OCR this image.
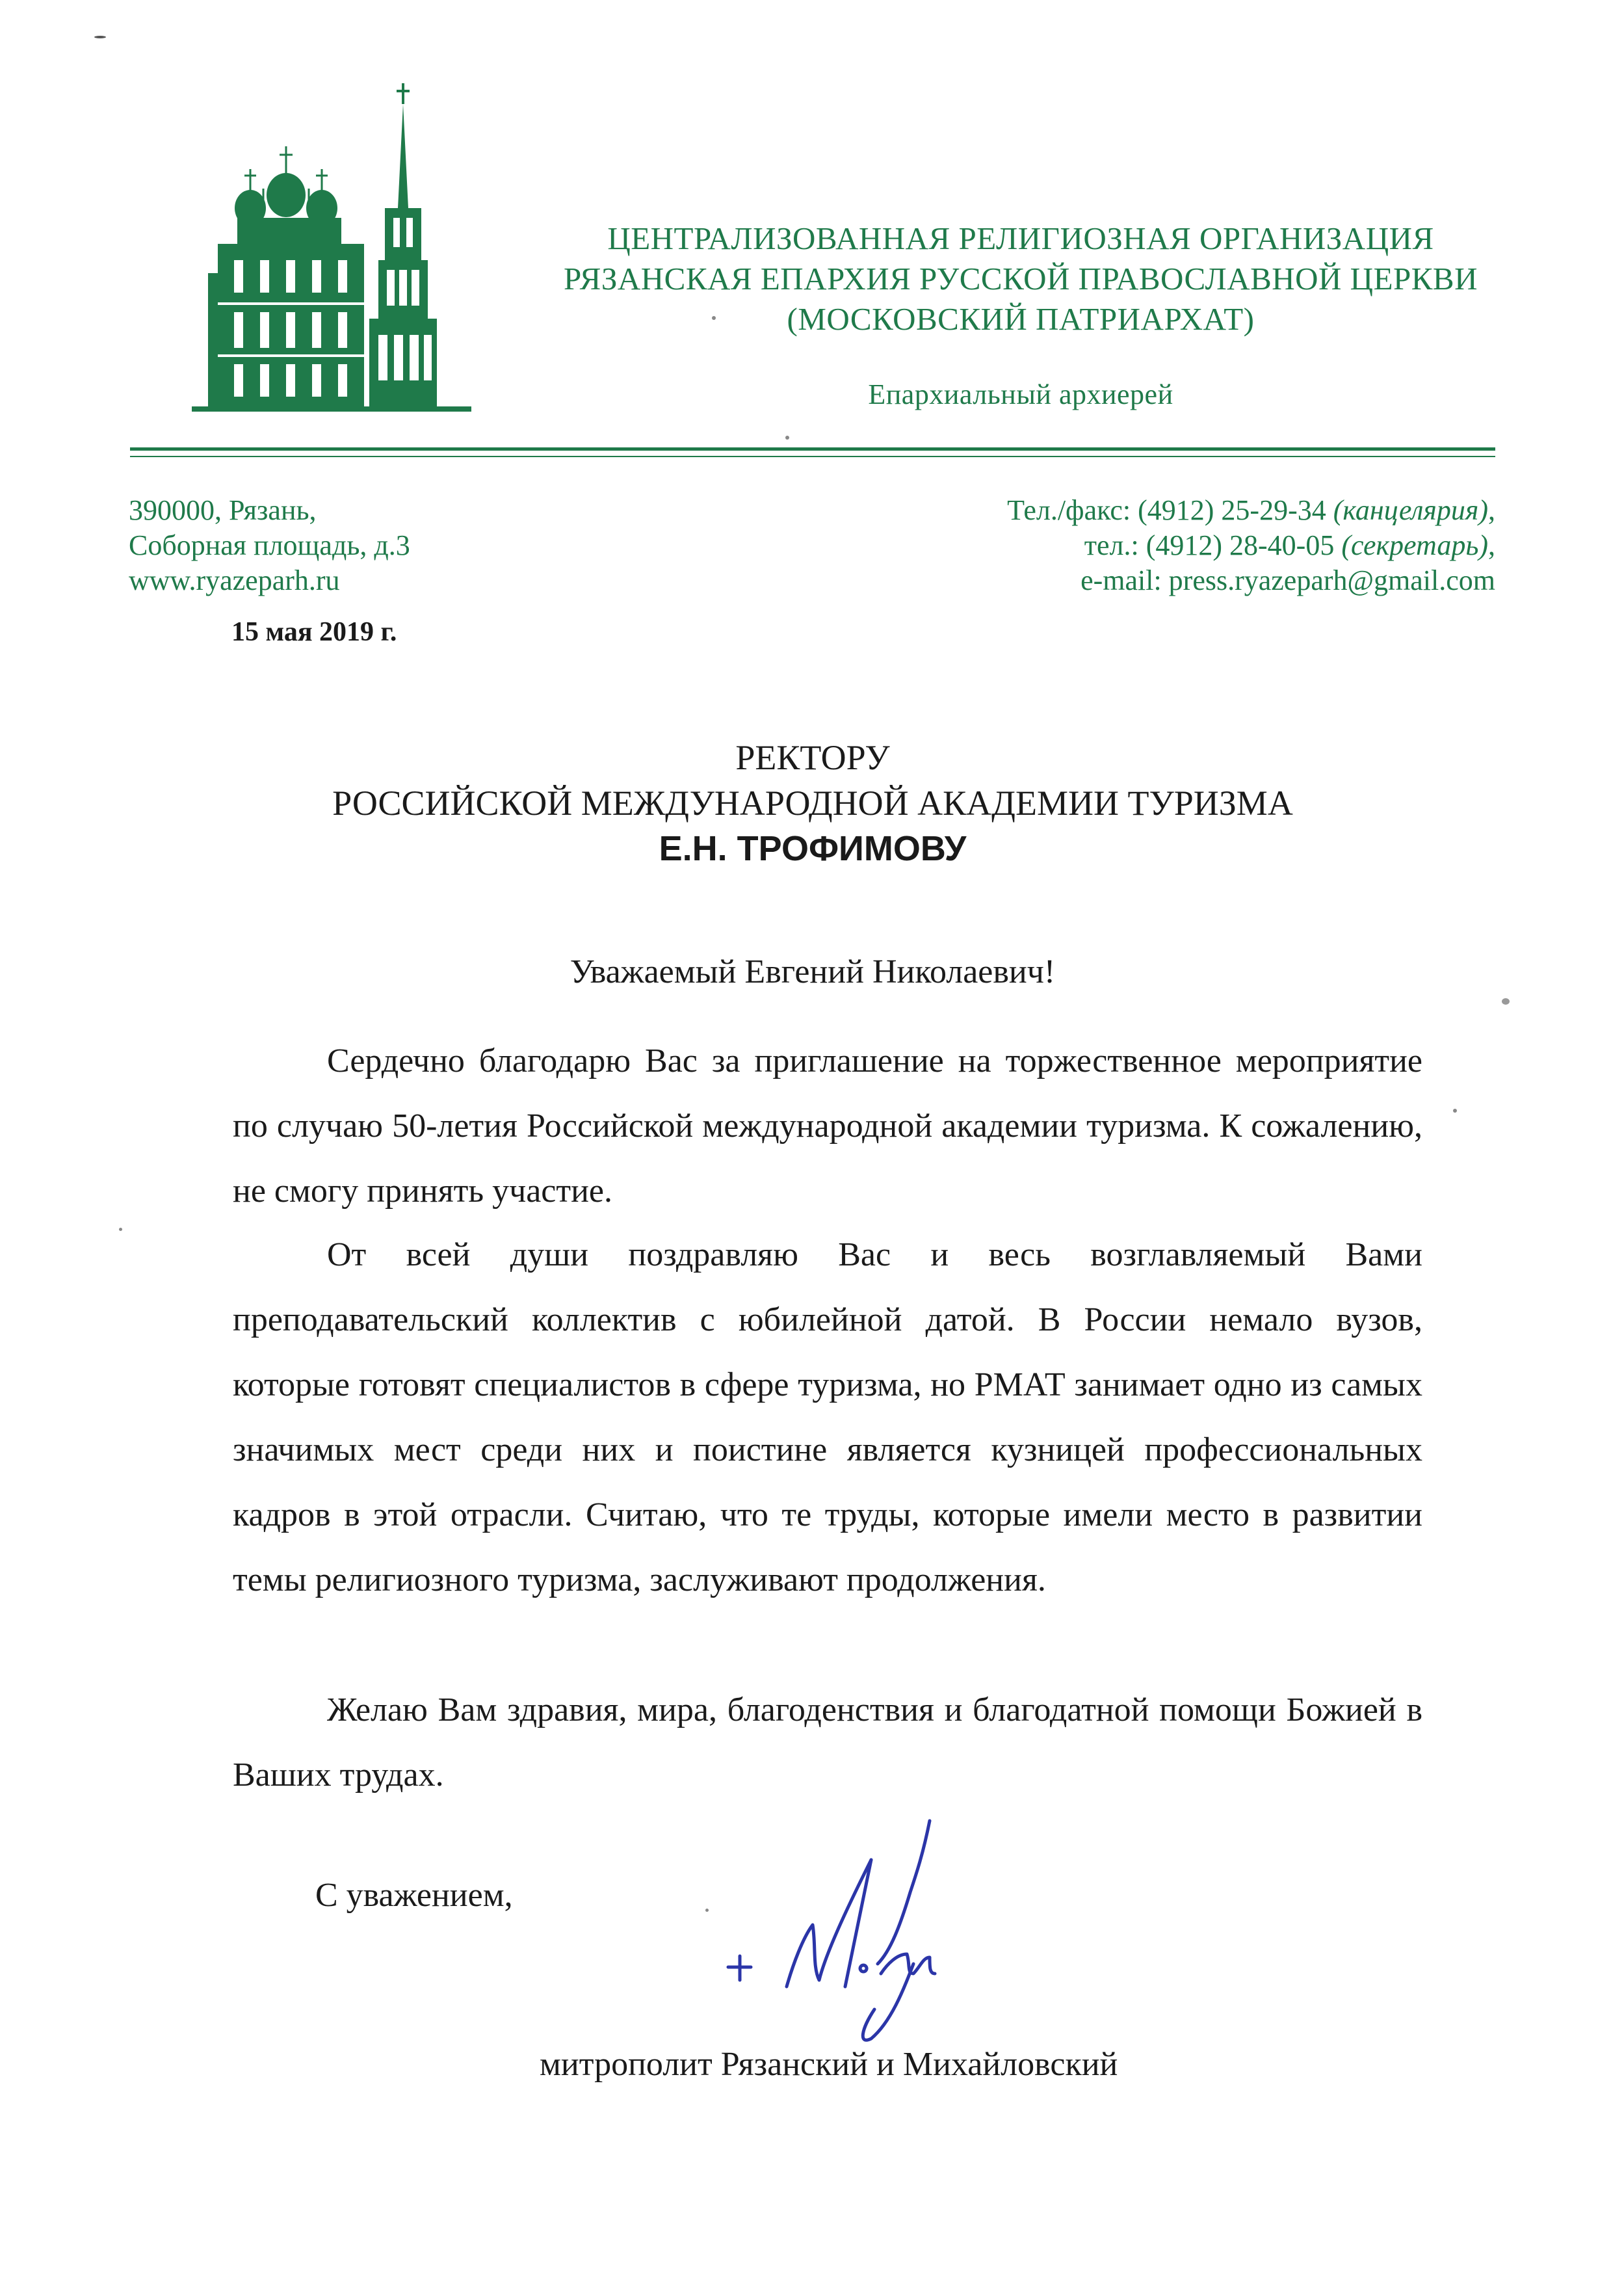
ЦЕНТРАЛИЗОВАННАЯ РЕЛИГИОЗНАЯ ОРГАНИЗАЦИЯ
РЯЗАНСКАЯ ЕПАРХИЯ РУССКОЙ ПРАВОСЛАВНОЙ ЦЕРКВИ
(МОСКОВСКИЙ ПАТРИАРХАТ)
Епархиальный архиерей
390000, Рязань,
Соборная площадь, д.3
www.ryazeparh.ru
Тел./факс: (4912) 25-29-34 (канцелярия),
тел.: (4912) 28-40-05 (секретарь),
e-mail: press.ryazeparh@gmail.com
15 мая 2019 г.
РЕКТОРУ
РОССИЙСКОЙ МЕЖДУНАРОДНОЙ АКАДЕМИИ ТУРИЗМА
Е.Н. ТРОФИМОВУ
Уважаемый Евгений Николаевич!

Сердечно благодарю Вас за приглашение на торжественное мероприятие по случаю 50-летия Российской международной академии туризма. К сожалению, не смогу принять участие.

От всей души поздравляю Вас и весь возглавляемый Вами преподавательский коллектив с юбилейной датой. В России немало вузов, которые готовят специалистов в сфере туризма, но РМАТ занимает одно из самых значимых мест среди них и поистине является кузницей профессиональных кадров в этой отрасли. Считаю, что те труды, которые имели место в развитии темы религиозного туризма, заслуживают продолжения.

Желаю Вам здравия, мира, благоденствия и благодатной помощи Божией в Ваших трудах.

С уважением,
митрополит Рязанский и Михайловский
